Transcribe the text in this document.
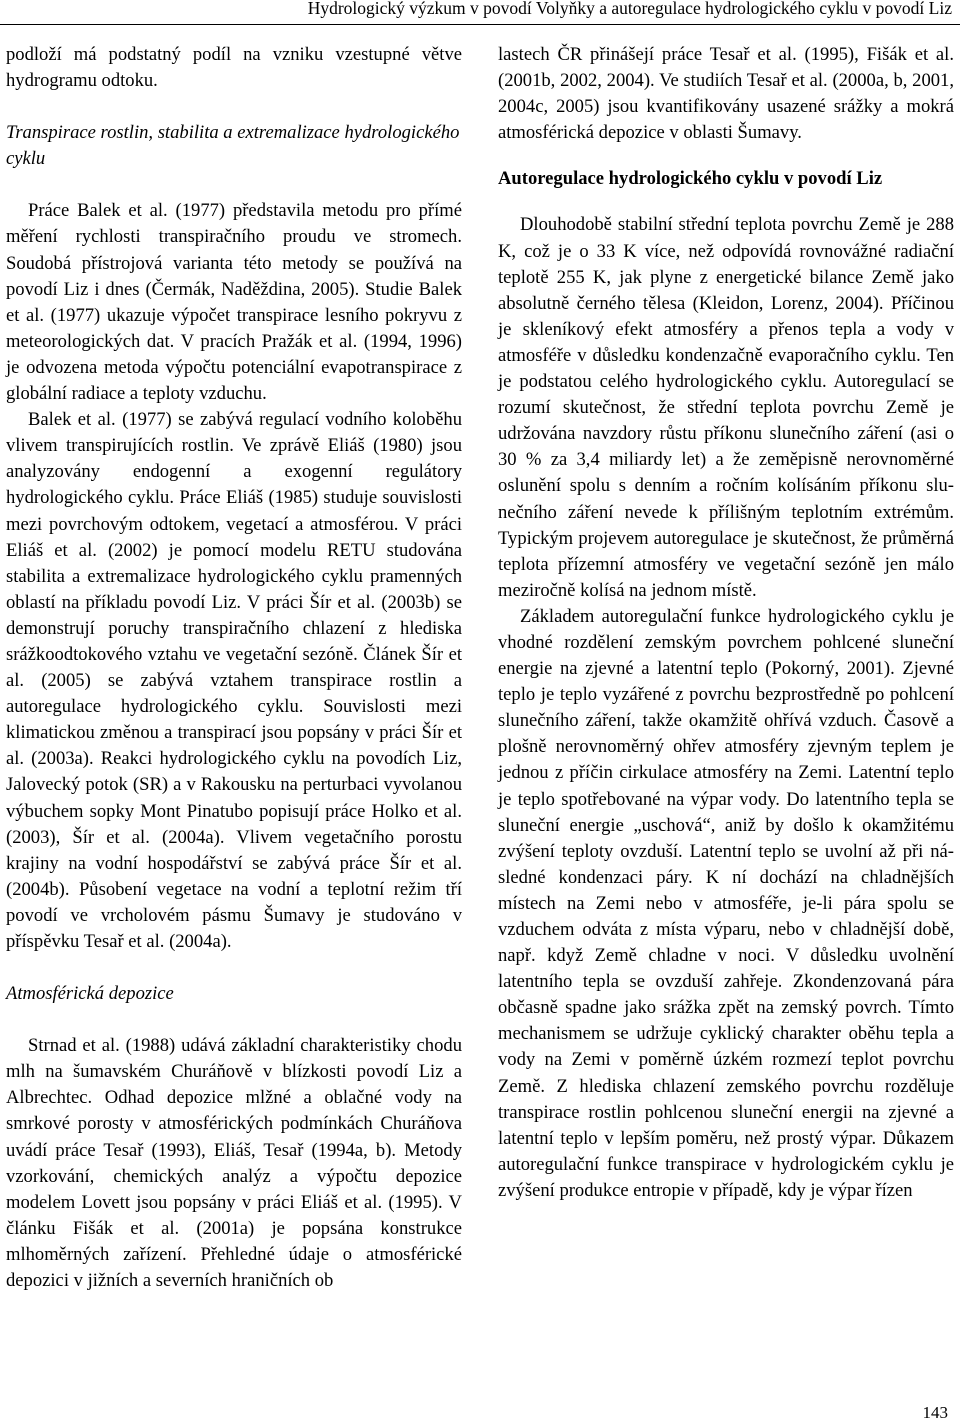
Hydrologický výzkum v povodí Volyňky a autoregulace hydrologického cyklu v povodí Liz

podloží má podstatný podíl na vzniku vzestupné větve hydrogramu odtoku.

Transpirace rostlin, stabilita a extremalizace hydrologického cyklu

Práce Balek et al. (1977) představila metodu pro přímé měření rychlosti transpiračního proudu ve stromech. Soudobá přístrojová varianta této metody se používá na povodí Liz i dnes (Čermák, Naděždina, 2005). Studie Balek et al. (1977) ukazuje výpočet transpirace lesního pokryvu z meteorologických dat. V pracích Pražák et al. (1994, 1996) je odvozena metoda výpočtu potenciální evapotranspirace z globální radiace a teploty vzduchu.

Balek et al. (1977) se zabývá regulací vodního koloběhu vlivem transpirujících rostlin. Ve zprávě Eliáš (1980) jsou analyzovány endogenní a exogenní regulátory hydrologického cyklu. Práce Eliáš (1985) studuje souvislosti mezi povrchovým odtokem, vegetací a atmosférou. V práci Eliáš et al. (2002) je pomocí modelu RETU studována stabilita a extremalizace hydrologického cyklu pramenných oblastí na příkladu povodí Liz. V práci Šír et al. (2003b) se demonstrují poruchy transpiračního chlazení z hlediska srážkoodtokového vztahu ve vegetační sezóně. Článek Šír et al. (2005) se zabývá vztahem transpirace rostlin a autoregulace hydrologického cyklu. Souvislosti mezi klimatickou změnou a transpirací jsou popsány v práci Šír et al. (2003a). Reakci hydrologického cyklu na povodích Liz, Jalovecký potok (SR) a v Rakousku na perturbaci vyvolanou výbuchem sopky Mont Pinatubo popisují práce Holko et al. (2003), Šír et al. (2004a). Vlivem vegetačního porostu krajiny na vodní hospodářství se zabývá práce Šír et al. (2004b). Působení vegetace na vodní a teplotní režim tří povodí ve vrcholovém pásmu Šumavy je studováno v příspěvku Tesař et al. (2004a).

Atmosférická depozice

Strnad et al. (1988) udává základní charakteristiky chodu mlh na šumavském Churáňově v blízkosti povodí Liz a Albrechtec. Odhad depozice mlžné a oblačné vody na smrkové porosty v atmosférických podmínkách Churáňova uvádí práce Tesař (1993), Eliáš, Tesař (1994a, b). Metody vzorkování, chemických analýz a výpočtu depozice modelem Lovett jsou popsány v práci Eliáš et al. (1995). V článku Fišák et al. (2001a) je popsána konstrukce mlhoměrných zařízení. Přehledné údaje o atmosférické depozici v jižních a severních hraničních ob

lastech ČR přinášejí práce Tesař et al. (1995), Fišák et al. (2001b, 2002, 2004). Ve studiích Tesař et al. (2000a, b, 2001, 2004c, 2005) jsou kvantifikovány usazené srážky a mokrá atmosférická depozice v oblasti Šumavy.

Autoregulace hydrologického cyklu v povodí Liz

Dlouhodobě stabilní střední teplota povrchu Země je 288 K, což je o 33 K více, než odpovídá rovnovážné radiační teplotě 255 K, jak plyne z energetické bilance Země jako absolutně černého tělesa (Kleidon, Lorenz, 2004). Příčinou je skleníkový efekt atmosféry a přenos tepla a vody v atmosféře v důsledku kondenzačně evaporačního cyklu. Ten je podstatou celého hydrologického cyklu. Autoregulací se rozumí skutečnost, že střední teplota povrchu Země je udržována navzdory růstu příkonu slunečního záření (asi o 30 % za 3,4 miliardy let) a že zeměpisně nerovnoměrné oslunění spolu s denním a ročním kolísáním příkonu slunečního záření nevede k přílišným teplotním extrémům. Typickým projevem autoregulace je skutečnost, že průměrná teplota přízemní atmosféry ve vegetační sezóně jen málo meziročně kolísá na jednom místě.

Základem autoregulační funkce hydrologického cyklu je vhodné rozdělení zemským povrchem pohlcené sluneční energie na zjevné a latentní teplo (Pokorný, 2001). Zjevné teplo je teplo vyzářené z povrchu bezprostředně po pohlcení slunečního záření, takže okamžitě ohřívá vzduch. Časově a plošně nerovnoměrný ohřev atmosféry zjevným teplem je jednou z příčin cirkulace atmosféry na Zemi. Latentní teplo je teplo spotřebované na výpar vody. Do latentního tepla se sluneční energie „uschová“, aniž by došlo k okamžitému zvýšení teploty ovzduší. Latentní teplo se uvolní až při následné kondenzaci páry. K ní dochází na chladnějších místech na Zemi nebo v atmosféře, je-li pára spolu se vzduchem odváta z místa výparu, nebo v chladnější době, např. když Země chladne v noci. V důsledku uvolnění latentního tepla se ovzduší zahřeje. Zkondenzovaná pára občasně spadne jako srážka zpět na zemský povrch. Tímto mechanismem se udržuje cyklický charakter oběhu tepla a vody na Zemi v poměrně úzkém rozmezí teplot povrchu Země. Z hlediska chlazení zemského povrchu rozděluje transpirace rostlin pohlcenou sluneční energii na zjevné a latentní teplo v lepším poměru, než prostý výpar. Důkazem autoregulační funkce transpirace v hydrologickém cyklu je zvýšení produkce entropie v případě, kdy je výpar řízen

143
